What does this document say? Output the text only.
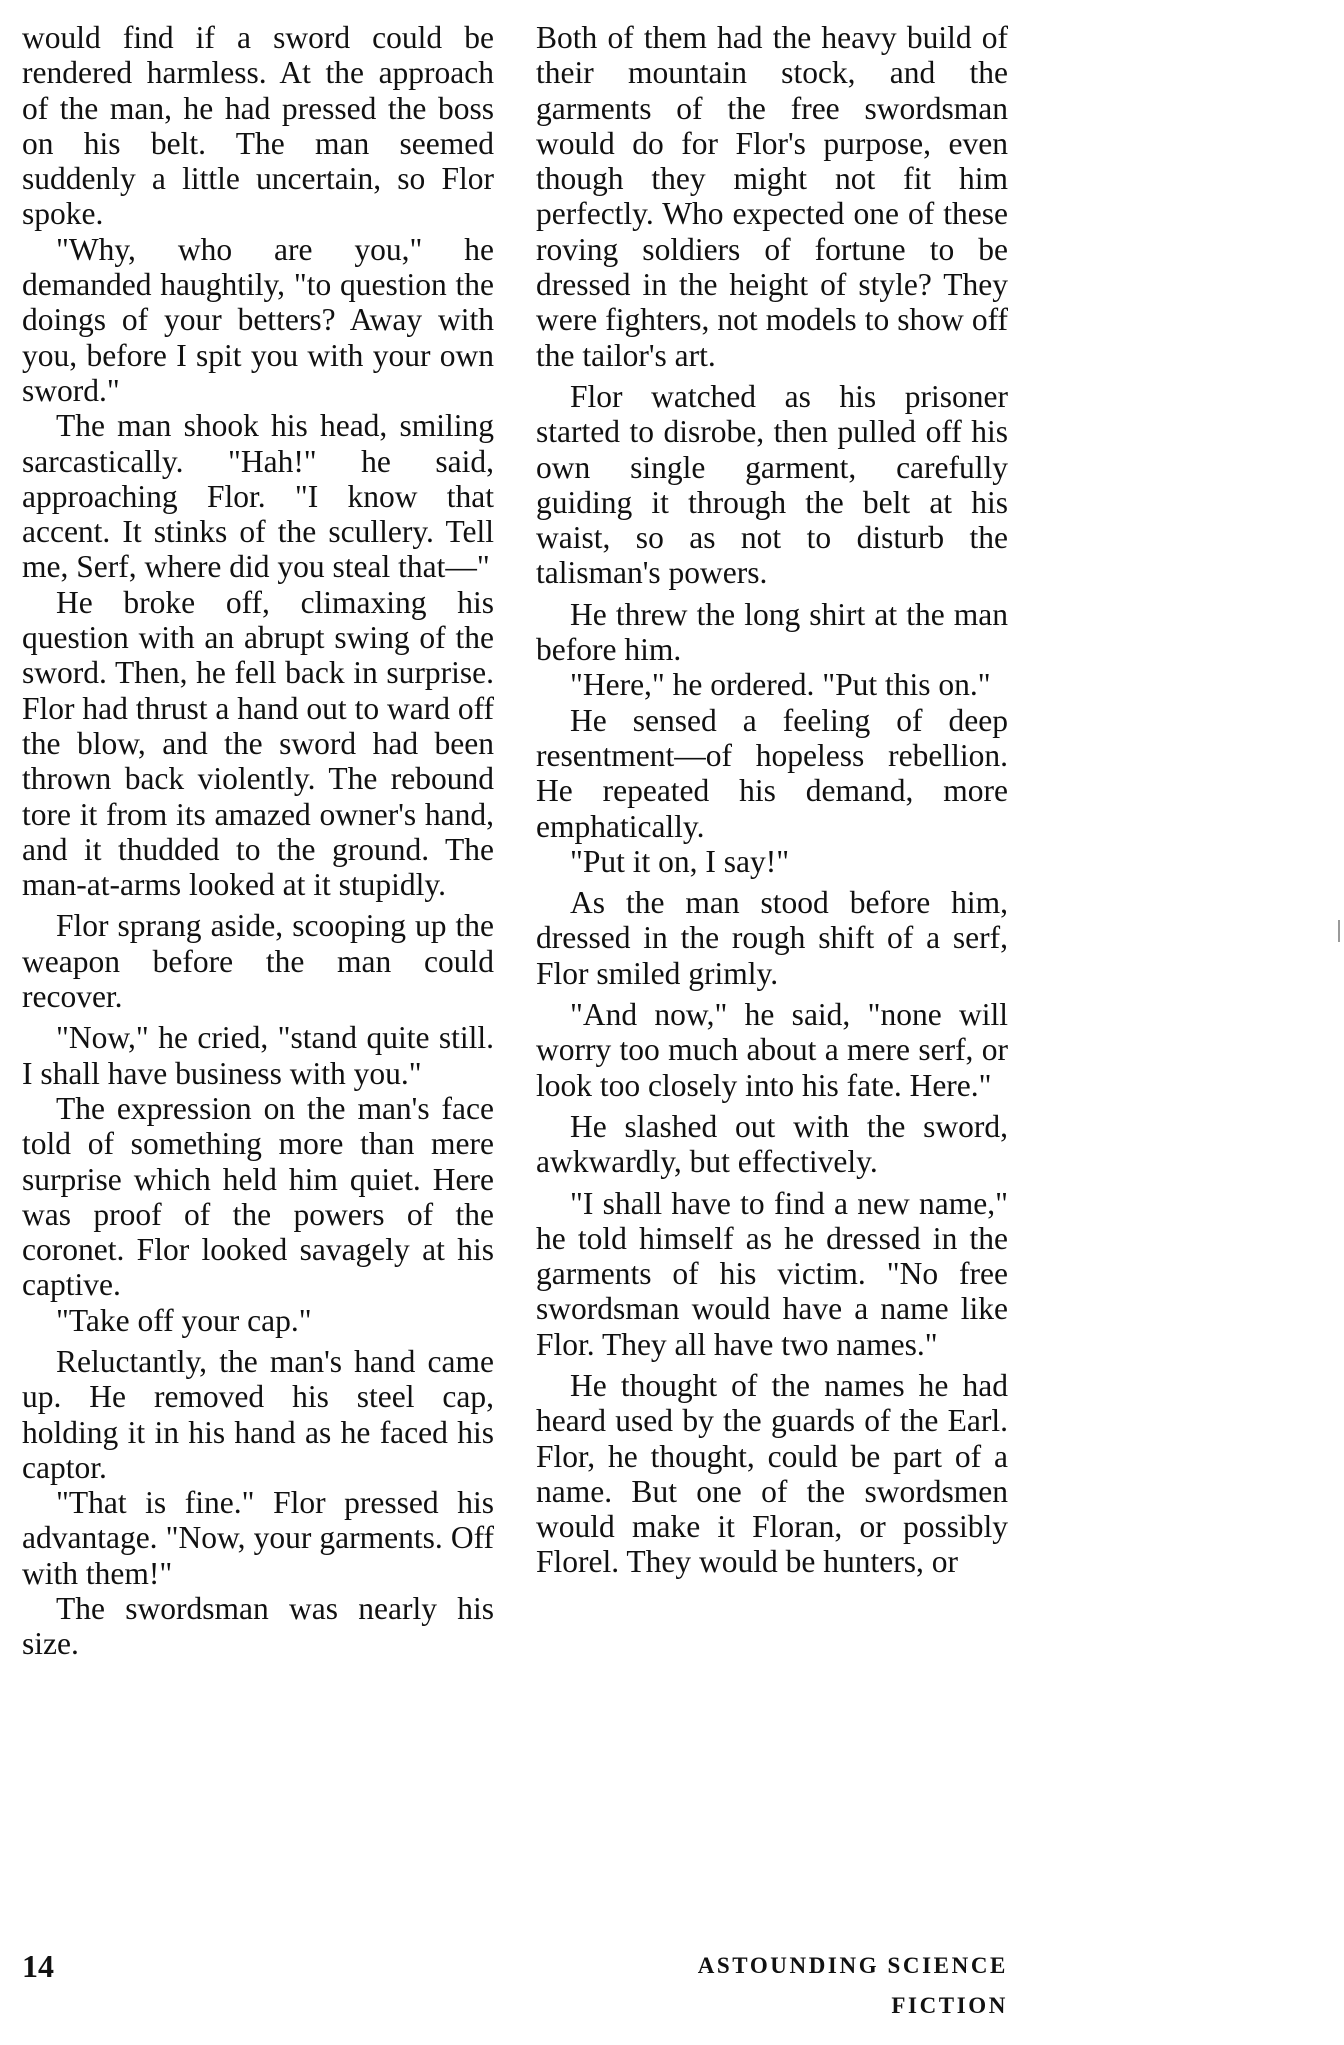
would find if a sword could be rendered harmless. At the approach of the man, he had pressed the boss on his belt. The man seemed suddenly a little uncertain, so Flor spoke.

"Why, who are you," he demanded haughtily, "to question the doings of your betters? Away with you, before I spit you with your own sword."

The man shook his head, smiling sarcastically. "Hah!" he said, approaching Flor. "I know that accent. It stinks of the scullery. Tell me, Serf, where did you steal that—"

He broke off, climaxing his question with an abrupt swing of the sword. Then, he fell back in surprise. Flor had thrust a hand out to ward off the blow, and the sword had been thrown back violently. The rebound tore it from its amazed owner's hand, and it thudded to the ground. The man-at-arms looked at it stupidly.

Flor sprang aside, scooping up the weapon before the man could recover.

"Now," he cried, "stand quite still. I shall have business with you."

The expression on the man's face told of something more than mere surprise which held him quiet. Here was proof of the powers of the coronet. Flor looked savagely at his captive.

"Take off your cap."

Reluctantly, the man's hand came up. He removed his steel cap, holding it in his hand as he faced his captor.

"That is fine." Flor pressed his advantage. "Now, your garments. Off with them!"

The swordsman was nearly his size.

Both of them had the heavy build of their mountain stock, and the garments of the free swordsman would do for Flor's purpose, even though they might not fit him perfectly. Who expected one of these roving soldiers of fortune to be dressed in the height of style? They were fighters, not models to show off the tailor's art.

Flor watched as his prisoner started to disrobe, then pulled off his own single garment, carefully guiding it through the belt at his waist, so as not to disturb the talisman's powers.

He threw the long shirt at the man before him.

"Here," he ordered. "Put this on."

He sensed a feeling of deep resentment—of hopeless rebellion. He repeated his demand, more emphatically.

"Put it on, I say!"

As the man stood before him, dressed in the rough shift of a serf, Flor smiled grimly.

"And now," he said, "none will worry too much about a mere serf, or look too closely into his fate. Here."

He slashed out with the sword, awkwardly, but effectively.

"I shall have to find a new name," he told himself as he dressed in the garments of his victim. "No free swordsman would have a name like Flor. They all have two names."

He thought of the names he had heard used by the guards of the Earl. Flor, he thought, could be part of a name. But one of the swordsmen would make it Floran, or possibly Florel. They would be hunters, or

14	ASTOUNDING SCIENCE FICTION
